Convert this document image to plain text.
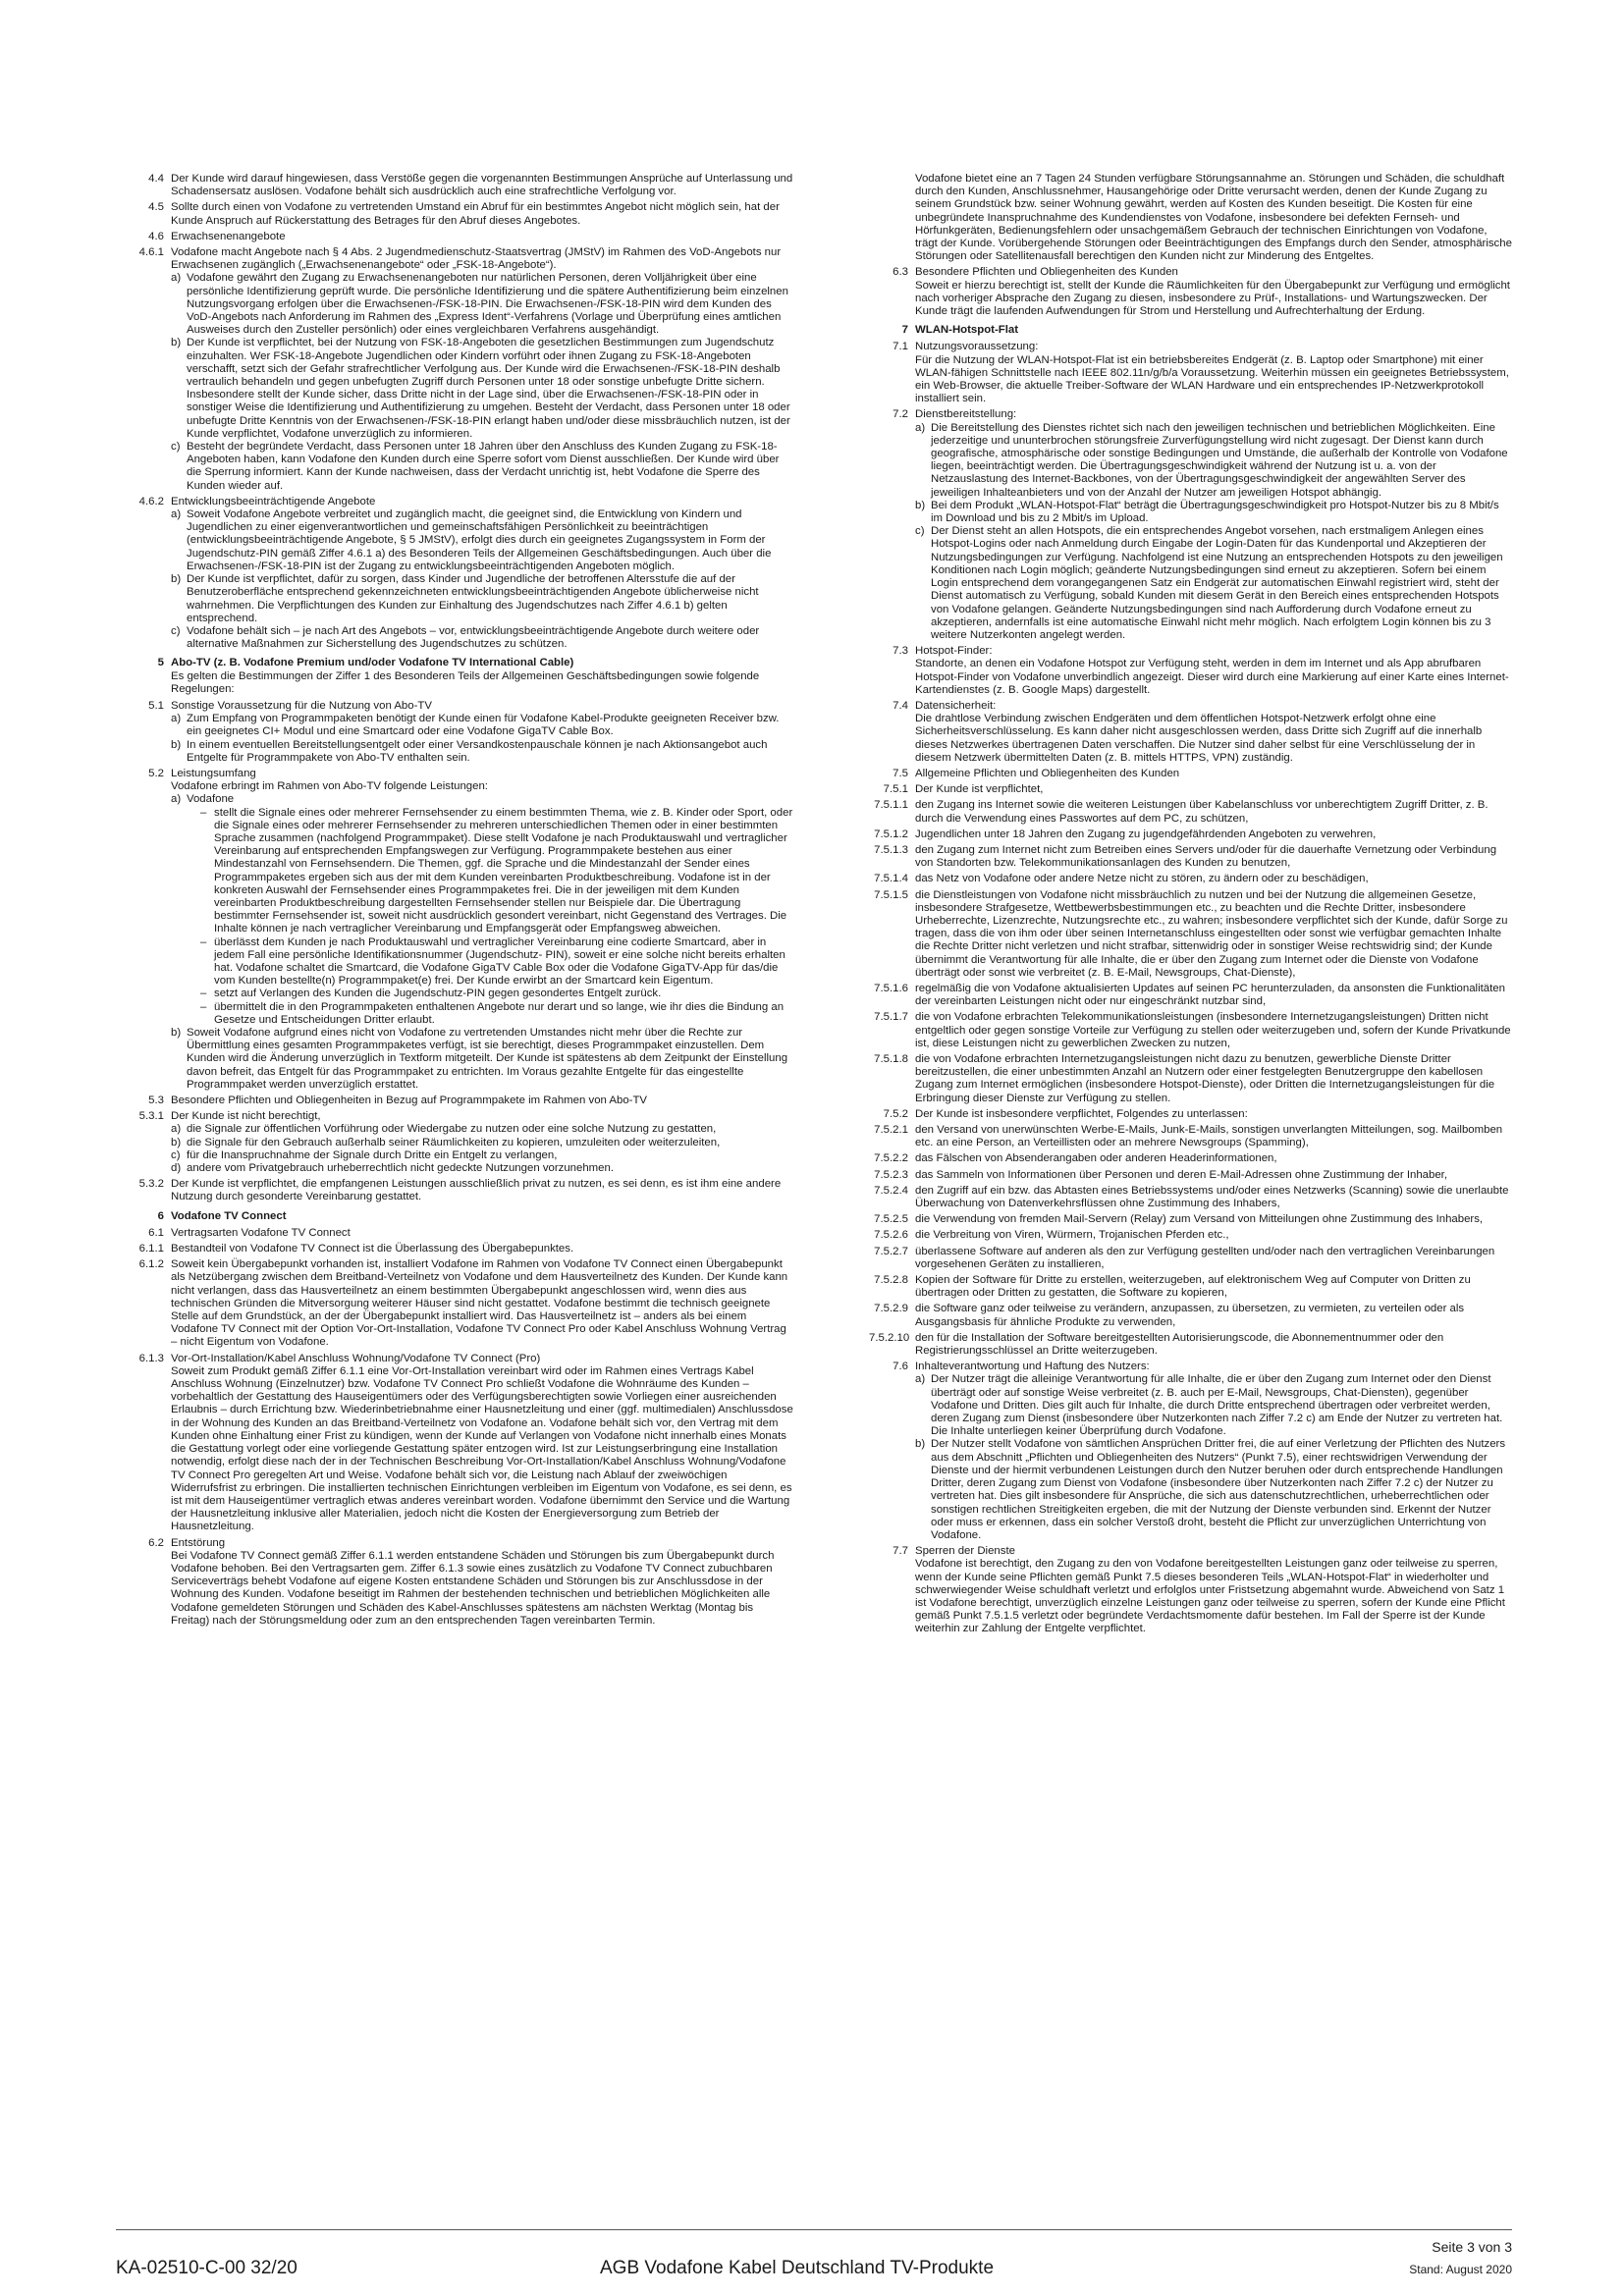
4.4 Der Kunde wird darauf hingewiesen, dass Verstöße gegen die vorgenannten Bestimmungen Ansprüche auf Unterlassung und Schadensersatz auslösen. Vodafone behält sich ausdrücklich auch eine strafrechtliche Verfolgung vor.
4.5 Sollte durch einen von Vodafone zu vertretenden Umstand ein Abruf für ein bestimmtes Angebot nicht möglich sein, hat der Kunde Anspruch auf Rückerstattung des Betrages für den Abruf dieses Angebotes.
4.6 Erwachsenenangebote
4.6.1 Vodafone macht Angebote nach § 4 Abs. 2 Jugendmedienschutz-Staatsvertrag (JMStV) im Rahmen des VoD-Angebots nur Erwachsenen zugänglich („Erwachsenenangebote“ oder „FSK-18-Angebote“).
a) Vodafone gewährt den Zugang zu Erwachsenenangeboten nur natürlichen Personen, deren Volljährigkeit über eine persönliche Identifizierung geprüft wurde. Die persönliche Identifizierung und die spätere Authentifizierung beim einzelnen Nutzungsvorgang erfolgen über die Erwachsenen-/FSK-18-PIN. Die Erwachsenen-/FSK-18-PIN wird dem Kunden des VoD-Angebots nach Anforderung im Rahmen des „Express Ident“-Verfahrens (Vorlage und Überprüfung eines amtlichen Ausweises durch den Zusteller persönlich) oder eines vergleichbaren Verfahrens ausgehändigt.
b) Der Kunde ist verpflichtet, bei der Nutzung von FSK-18-Angeboten die gesetzlichen Bestimmungen zum Jugendschutz einzuhalten. Wer FSK-18-Angebote Jugendlichen oder Kindern vorführt oder ihnen Zugang zu FSK-18-Angeboten verschafft, setzt sich der Gefahr strafrechtlicher Verfolgung aus. Der Kunde wird die Erwachsenen-/FSK-18-PIN deshalb vertraulich behandeln und gegen unbefugten Zugriff durch Personen unter 18 oder sonstige unbefugte Dritte sichern. Insbesondere stellt der Kunde sicher, dass Dritte nicht in der Lage sind, über die Erwachsenen-/FSK-18-PIN oder in sonstiger Weise die Identifizierung und Authentifizierung zu umgehen. Besteht der Verdacht, dass Personen unter 18 oder unbefugte Dritte Kenntnis von der Erwachsenen-/FSK-18-PIN erlangt haben und/oder diese missbräuchlich nutzen, ist der Kunde verpflichtet, Vodafone unverzüglich zu informieren.
c) Besteht der begründete Verdacht, dass Personen unter 18 Jahren über den Anschluss des Kunden Zugang zu FSK-18-Angeboten haben, kann Vodafone den Kunden durch eine Sperre sofort vom Dienst ausschließen. Der Kunde wird über die Sperrung informiert. Kann der Kunde nachweisen, dass der Verdacht unrichtig ist, hebt Vodafone die Sperre des Kunden wieder auf.
4.6.2 Entwicklungsbeeinträchtigende Angebote
a) Soweit Vodafone Angebote verbreitet und zugänglich macht, die geeignet sind, die Entwicklung von Kindern und Jugendlichen zu einer eigenverantwortlichen und gemeinschaftsfähigen Persönlichkeit zu beeinträchtigen (entwicklungsbeeinträchtigende Angebote, § 5 JMStV), erfolgt dies durch ein geeignetes Zugangssystem in Form der Jugendschutz-PIN gemäß Ziffer 4.6.1 a) des Besonderen Teils der Allgemeinen Geschäftsbedingungen. Auch über die Erwachsenen-/FSK-18-PIN ist der Zugang zu entwicklungsbeeinträchtigenden Angeboten möglich.
b) Der Kunde ist verpflichtet, dafür zu sorgen, dass Kinder und Jugendliche der betroffenen Altersstufe die auf der Benutzeroberfläche entsprechend gekennzeichneten entwicklungsbeeinträchtigenden Angebote üblicherweise nicht wahrnehmen. Die Verpflichtungen des Kunden zur Einhaltung des Jugendschutzes nach Ziffer 4.6.1 b) gelten entsprechend.
c) Vodafone behält sich – je nach Art des Angebots – vor, entwicklungsbeeinträchtigende Angebote durch weitere oder alternative Maßnahmen zur Sicherstellung des Jugendschutzes zu schützen.
5 Abo-TV (z. B. Vodafone Premium und/oder Vodafone TV International Cable)
Es gelten die Bestimmungen der Ziffer 1 des Besonderen Teils der Allgemeinen Geschäftsbedingungen sowie folgende Regelungen:
5.1 Sonstige Voraussetzung für die Nutzung von Abo-TV
a) Zum Empfang von Programmpaketen benötigt der Kunde einen für Vodafone Kabel-Produkte geeigneten Receiver bzw. ein geeignetes CI+ Modul und eine Smartcard oder eine Vodafone GigaTV Cable Box.
b) In einem eventuellen Bereitstellungsentgelt oder einer Versandkostenpauschale können je nach Aktionsangebot auch Entgelte für Programmpakete von Abo-TV enthalten sein.
5.2 Leistungsumfang
Vodafone erbringt im Rahmen von Abo-TV folgende Leistungen:
a) Vodafone
– stellt die Signale eines oder mehrerer Fernsehsender zu einem bestimmten Thema, wie z. B. Kinder oder Sport, oder die Signale eines oder mehrerer Fernsehsender zu mehreren unterschiedlichen Themen oder in einer bestimmten Sprache zusammen (nachfolgend Programmpaket). Diese stellt Vodafone je nach Produktauswahl und vertraglicher Vereinbarung auf entsprechenden Empfangswegen zur Verfügung. Programmpakete bestehen aus einer Mindestanzahl von Fernsehsendern. Die Themen, ggf. die Sprache und die Mindestanzahl der Sender eines Programmpaketes ergeben sich aus der mit dem Kunden vereinbarten Produktbeschreibung. Vodafone ist in der konkreten Auswahl der Fernsehsender eines Programmpaketes frei. Die in der jeweiligen mit dem Kunden vereinbarten Produktbeschreibung dargestellten Fernsehsender stellen nur Beispiele dar. Die Übertragung bestimmter Fernsehsender ist, soweit nicht ausdrücklich gesondert vereinbart, nicht Gegenstand des Vertrages. Die Inhalte können je nach vertraglicher Vereinbarung und Empfangsgerät oder Empfangsweg abweichen.
– überlässt dem Kunden je nach Produktauswahl und vertraglicher Vereinbarung eine codierte Smartcard, aber in jedem Fall eine persönliche Identifikationsnummer (Jugendschutz- PIN), soweit er eine solche nicht bereits erhalten hat. Vodafone schaltet die Smartcard, die Vodafone GigaTV Cable Box oder die Vodafone GigaTV-App für das/die vom Kunden bestellte(n) Programmpaket(e) frei. Der Kunde erwirbt an der Smartcard kein Eigentum.
– setzt auf Verlangen des Kunden die Jugendschutz-PIN gegen gesondertes Entgelt zurück.
– übermittelt die in den Programmpaketen enthaltenen Angebote nur derart und so lange, wie ihr dies die Bindung an Gesetze und Entscheidungen Dritter erlaubt.
b) Soweit Vodafone aufgrund eines nicht von Vodafone zu vertretenden Umstandes nicht mehr über die Rechte zur Übermittlung eines gesamten Programmpaketes verfügt, ist sie berechtigt, dieses Programmpaket einzustellen. Dem Kunden wird die Änderung unverzüglich in Textform mitgeteilt. Der Kunde ist spätestens ab dem Zeitpunkt der Einstellung davon befreit, das Entgelt für das Programmpaket zu entrichten. Im Voraus gezahlte Entgelte für das eingestellte Programmpaket werden unverzüglich erstattet.
5.3 Besondere Pflichten und Obliegenheiten in Bezug auf Programmpakete im Rahmen von Abo-TV
5.3.1 Der Kunde ist nicht berechtigt,
a) die Signale zur öffentlichen Vorführung oder Wiedergabe zu nutzen oder eine solche Nutzung zu gestatten,
b) die Signale für den Gebrauch außerhalb seiner Räumlichkeiten zu kopieren, umzuleiten oder weiterzuleiten,
c) für die Inanspruchnahme der Signale durch Dritte ein Entgelt zu verlangen,
d) andere vom Privatgebrauch urheberrechtlich nicht gedeckte Nutzungen vorzunehmen.
5.3.2 Der Kunde ist verpflichtet, die empfangenen Leistungen ausschließlich privat zu nutzen, es sei denn, es ist ihm eine andere Nutzung durch gesonderte Vereinbarung gestattet.
6 Vodafone TV Connect
6.1 Vertragsarten Vodafone TV Connect
6.1.1 Bestandteil von Vodafone TV Connect ist die Überlassung des Übergabepunktes.
6.1.2 Soweit kein Übergabepunkt vorhanden ist, installiert Vodafone im Rahmen von Vodafone TV Connect einen Übergabepunkt als Netzübergang zwischen dem Breitband-Verteilnetz von Vodafone und dem Hausverteilnetz des Kunden. Der Kunde kann nicht verlangen, dass das Hausverteilnetz an einem bestimmten Übergabepunkt angeschlossen wird, wenn dies aus technischen Gründen die Mitversorgung weiterer Häuser sind nicht gestattet. Vodafone bestimmt die technisch geeignete Stelle auf dem Grundstück, an der der Übergabepunkt installiert wird. Das Hausverteilnetz ist – anders als bei einem Vodafone TV Connect mit der Option Vor-Ort-Installation, Vodafone TV Connect Pro oder Kabel Anschluss Wohnung Vertrag – nicht Eigentum von Vodafone.
6.1.3 Vor-Ort-Installation/Kabel Anschluss Wohnung/Vodafone TV Connect (Pro)
Soweit zum Produkt gemäß Ziffer 6.1.1 eine Vor-Ort-Installation vereinbart wird oder im Rahmen eines Vertrags Kabel Anschluss Wohnung (Einzelnutzer) bzw. Vodafone TV Connect Pro schließt Vodafone die Wohnräume des Kunden – vorbehaltlich der Gestattung des Hauseigentümers oder des Verfügungsberechtigten sowie Vorliegen einer ausreichenden Erlaubnis – durch Errichtung bzw. Wiederinbetriebnahme einer Hausnetzleitung und einer (ggf. multimedialen) Anschlussdose in der Wohnung des Kunden an das Breitband-Verteilnetz von Vodafone an. Vodafone behält sich vor, den Vertrag mit dem Kunden ohne Einhaltung einer Frist zu kündigen, wenn der Kunde auf Verlangen von Vodafone nicht innerhalb eines Monats die Gestattung vorlegt oder eine vorliegende Gestattung später entzogen wird. Ist zur Leistungserbringung eine Installation notwendig, erfolgt diese nach der in der Technischen Beschreibung Vor-Ort-Installation/Kabel Anschluss Wohnung/Vodafone TV Connect Pro geregelten Art und Weise. Vodafone behält sich vor, die Leistung nach Ablauf der zweiwöchigen Widerrufsfrist zu erbringen. Die installierten technischen Einrichtungen verbleiben im Eigentum von Vodafone, es sei denn, es ist mit dem Hauseigentümer vertraglich etwas anderes vereinbart worden. Vodafone übernimmt den Service und die Wartung der Hausnetzleitung inklusive aller Materialien, jedoch nicht die Kosten der Energieversorgung zum Betrieb der Hausnetzleitung.
6.2 Entstörung
Bei Vodafone TV Connect gemäß Ziffer 6.1.1 werden entstandene Schäden und Störungen bis zum Übergabepunkt durch Vodafone behoben. Bei den Vertragsarten gem. Ziffer 6.1.3 sowie eines zusätzlich zu Vodafone TV Connect zubuchbaren Serviceverträgs behebt Vodafone auf eigene Kosten entstandene Schäden und Störungen bis zur Anschlussdose in der Wohnung des Kunden. Vodafone beseitigt im Rahmen der bestehenden technischen und betrieblichen Möglichkeiten alle Vodafone gemeldeten Störungen und Schäden des Kabel-Anschlusses spätestens am nächsten Werktag (Montag bis Freitag) nach der Störungsmeldung oder zum an den entsprechenden Tagen vereinbarten Termin.
Vodafone bietet eine an 7 Tagen 24 Stunden verfügbare Störungsannahme an. Störungen und Schäden, die schuldhaft durch den Kunden, Anschlussnehmer, Hausangehörige oder Dritte verursacht werden, denen der Kunde Zugang zu seinem Grundstück bzw. seiner Wohnung gewährt, werden auf Kosten des Kunden beseitigt. Die Kosten für eine unbegründete Inanspruchnahme des Kundendienstes von Vodafone, insbesondere bei defekten Fernseh- und Hörfunkgeräten, Bedienungsfehlern oder unsachgemäßem Gebrauch der technischen Einrichtungen von Vodafone, trägt der Kunde. Vorübergehende Störungen oder Beeinträchtigungen des Empfangs durch den Sender, atmosphärische Störungen oder Satellitenausfall berechtigen den Kunden nicht zur Minderung des Entgeltes.
6.3 Besondere Pflichten und Obliegenheiten des Kunden
Soweit er hierzu berechtigt ist, stellt der Kunde die Räumlichkeiten für den Übergabepunkt zur Verfügung und ermöglicht nach vorheriger Absprache den Zugang zu diesen, insbesondere zu Prüf-, Installations- und Wartungszwecken. Der Kunde trägt die laufenden Aufwendungen für Strom und Herstellung und Aufrechterhaltung der Erdung.
7 WLAN-Hotspot-Flat
7.1 Nutzungsvoraussetzung:
Für die Nutzung der WLAN-Hotspot-Flat ist ein betriebsbereites Endgerät (z. B. Laptop oder Smartphone) mit einer WLAN-fähigen Schnittstelle nach IEEE 802.11n/g/b/a Voraussetzung. Weiterhin müssen ein geeignetes Betriebssystem, ein Web-Browser, die aktuelle Treiber-Software der WLAN Hardware und ein entsprechendes IP-Netzwerkprotokoll installiert sein.
7.2 Dienstbereitstellung:
a) Die Bereitstellung des Dienstes richtet sich nach den jeweiligen technischen und betrieblichen Möglichkeiten. Eine jederzeitige und ununterbrochen störungsfreie Zurverfügungstellung wird nicht zugesagt. Der Dienst kann durch geografische, atmosphärische oder sonstige Bedingungen und Umstände, die außerhalb der Kontrolle von Vodafone liegen, beeinträchtigt werden. Die Übertragungsgeschwindigkeit während der Nutzung ist u. a. von der Netzauslastung des Internet-Backbones, von der Übertragungsgeschwindigkeit der angewählten Server des jeweiligen Inhalteanbieters und von der Anzahl der Nutzer am jeweiligen Hotspot abhängig.
b) Bei dem Produkt „WLAN-Hotspot-Flat“ beträgt die Übertragungsgeschwindigkeit pro Hotspot-Nutzer bis zu 8 Mbit/s im Download und bis zu 2 Mbit/s im Upload.
c) Der Dienst steht an allen Hotspots, die ein entsprechendes Angebot vorsehen, nach erstmaligem Anlegen eines Hotspot-Logins oder nach Anmeldung durch Eingabe der Login-Daten für das Kundenportal und Akzeptieren der Nutzungsbedingungen zur Verfügung. Nachfolgend ist eine Nutzung an entsprechenden Hotspots zu den jeweiligen Konditionen nach Login möglich; geänderte Nutzungsbedingungen sind erneut zu akzeptieren. Sofern bei einem Login entsprechend dem vorangegangenen Satz ein Endgerät zur automatischen Einwahl registriert wird, steht der Dienst automatisch zu Verfügung, sobald Kunden mit diesem Gerät in den Bereich eines entsprechenden Hotspots von Vodafone gelangen. Geänderte Nutzungsbedingungen sind nach Aufforderung durch Vodafone erneut zu akzeptieren, andernfalls ist eine automatische Einwahl nicht mehr möglich. Nach erfolgtem Login können bis zu 3 weitere Nutzerkonten angelegt werden.
7.3 Hotspot-Finder:
Standorte, an denen ein Vodafone Hotspot zur Verfügung steht, werden in dem im Internet und als App abrufbaren Hotspot-Finder von Vodafone unverbindlich angezeigt. Dieser wird durch eine Markierung auf einer Karte eines Internet-Kartendienstes (z. B. Google Maps) dargestellt.
7.4 Datensicherheit:
Die drahtlose Verbindung zwischen Endgeräten und dem öffentlichen Hotspot-Netzwerk erfolgt ohne eine Sicherheitsverschlüsselung. Es kann daher nicht ausgeschlossen werden, dass Dritte sich Zugriff auf die innerhalb dieses Netzwerkes übertragenen Daten verschaffen. Die Nutzer sind daher selbst für eine Verschlüsselung der in diesem Netzwerk übermittelten Daten (z. B. mittels HTTPS, VPN) zuständig.
7.5 Allgemeine Pflichten und Obliegenheiten des Kunden
7.5.1 Der Kunde ist verpflichtet,
7.5.1.1 den Zugang ins Internet sowie die weiteren Leistungen über Kabelanschluss vor unberechtigtem Zugriff Dritter, z. B. durch die Verwendung eines Passwortes auf dem PC, zu schützen,
7.5.1.2 Jugendlichen unter 18 Jahren den Zugang zu jugendgefährdenden Angeboten zu verwehren,
7.5.1.3 den Zugang zum Internet nicht zum Betreiben eines Servers und/oder für die dauerhafte Vernetzung oder Verbindung von Standorten bzw. Telekommunikationsanlagen des Kunden zu benutzen,
7.5.1.4 das Netz von Vodafone oder andere Netze nicht zu stören, zu ändern oder zu beschädigen,
7.5.1.5 die Dienstleistungen von Vodafone nicht missbräuchlich zu nutzen und bei der Nutzung die allgemeinen Gesetze, insbesondere Strafgesetze, Wettbewerbsbestimmungen etc., zu beachten und die Rechte Dritter, insbesondere Urheberrechte, Lizenzrechte, Nutzungsrechte etc., zu wahren; insbesondere verpflichtet sich der Kunde, dafür Sorge zu tragen, dass die von ihm oder über seinen Internetanschluss eingestellten oder sonst wie verfügbar gemachten Inhalte die Rechte Dritter nicht verletzen und nicht strafbar, sittenwidrig oder in sonstiger Weise rechtswidrig sind; der Kunde übernimmt die Verantwortung für alle Inhalte, die er über den Zugang zum Internet oder die Dienste von Vodafone überträgt oder sonst wie verbreitet (z. B. E-Mail, Newsgroups, Chat-Dienste),
7.5.1.6 regelmäßig die von Vodafone aktualisierten Updates auf seinen PC herunterzuladen, da ansonsten die Funktionalitäten der vereinbarten Leistungen nicht oder nur eingeschränkt nutzbar sind,
7.5.1.7 die von Vodafone erbrachten Telekommunikationsleistungen (insbesondere Internetzugangsleistungen) Dritten nicht entgeltlich oder gegen sonstige Vorteile zur Verfügung zu stellen oder weiterzugeben und, sofern der Kunde Privatkunde ist, diese Leistungen nicht zu gewerblichen Zwecken zu nutzen,
7.5.1.8 die von Vodafone erbrachten Internetzugangsleistungen nicht dazu zu benutzen, gewerbliche Dienste Dritter bereitzustellen, die einer unbestimmten Anzahl an Nutzern oder einer festgelegten Benutzergruppe den kabellosen Zugang zum Internet ermöglichen (insbesondere Hotspot-Dienste), oder Dritten die Internetzugangsleistungen für die Erbringung dieser Dienste zur Verfügung zu stellen.
7.5.2 Der Kunde ist insbesondere verpflichtet, Folgendes zu unterlassen:
7.5.2.1 den Versand von unerwünschten Werbe-E-Mails, Junk-E-Mails, sonstigen unverlangten Mitteilungen, sog. Mailbomben etc. an eine Person, an Verteillisten oder an mehrere Newsgroups (Spamming),
7.5.2.2 das Fälschen von Absenderangaben oder anderen Headerinformationen,
7.5.2.3 das Sammeln von Informationen über Personen und deren E-Mail-Adressen ohne Zustimmung der Inhaber,
7.5.2.4 den Zugriff auf ein bzw. das Abtasten eines Betriebssystems und/oder eines Netzwerks (Scanning) sowie die unerlaubte Überwachung von Datenverkehrsflüssen ohne Zustimmung des Inhabers,
7.5.2.5 die Verwendung von fremden Mail-Servern (Relay) zum Versand von Mitteilungen ohne Zustimmung des Inhabers,
7.5.2.6 die Verbreitung von Viren, Würmern, Trojanischen Pferden etc.,
7.5.2.7 überlassene Software auf anderen als den zur Verfügung gestellten und/oder nach den vertraglichen Vereinbarungen vorgesehenen Geräten zu installieren,
7.5.2.8 Kopien der Software für Dritte zu erstellen, weiterzugeben, auf elektronischem Weg auf Computer von Dritten zu übertragen oder Dritten zu gestatten, die Software zu kopieren,
7.5.2.9 die Software ganz oder teilweise zu verändern, anzupassen, zu übersetzen, zu vermieten, zu verteilen oder als Ausgangsbasis für ähnliche Produkte zu verwenden,
7.5.2.10 den für die Installation der Software bereitgestellten Autorisierungscode, die Abonnementnummer oder den Registrierungsschlüssel an Dritte weiterzugeben.
7.6 Inhalteverantwortung und Haftung des Nutzers:
a) Der Nutzer trägt die alleinige Verantwortung für alle Inhalte, die er über den Zugang zum Internet oder den Dienst überträgt oder auf sonstige Weise verbreitet (z. B. auch per E-Mail, Newsgroups, Chat-Diensten), gegenüber Vodafone und Dritten. Dies gilt auch für Inhalte, die durch Dritte entsprechend übertragen oder verbreitet werden, deren Zugang zum Dienst (insbesondere über Nutzerkonten nach Ziffer 7.2 c) am Ende der Nutzer zu vertreten hat. Die Inhalte unterliegen keiner Überprüfung durch Vodafone.
b) Der Nutzer stellt Vodafone von sämtlichen Ansprüchen Dritter frei, die auf einer Verletzung der Pflichten des Nutzers aus dem Abschnitt „Pflichten und Obliegenheiten des Nutzers“ (Punkt 7.5), einer rechtswidrigen Verwendung der Dienste und der hiermit verbundenen Leistungen durch den Nutzer beruhen oder durch entsprechende Handlungen Dritter, deren Zugang zum Dienst von Vodafone (insbesondere über Nutzerkonten nach Ziffer 7.2 c) der Nutzer zu vertreten hat. Dies gilt insbesondere für Ansprüche, die sich aus datenschutzrechtlichen, urheberrechtlichen oder sonstigen rechtlichen Streitigkeiten ergeben, die mit der Nutzung der Dienste verbunden sind. Erkennt der Nutzer oder muss er erkennen, dass ein solcher Verstoß droht, besteht die Pflicht zur unverzüglichen Unterrichtung von Vodafone.
7.7 Sperren der Dienste
Vodafone ist berechtigt, den Zugang zu den von Vodafone bereitgestellten Leistungen ganz oder teilweise zu sperren, wenn der Kunde seine Pflichten gemäß Punkt 7.5 dieses besonderen Teils „WLAN-Hotspot-Flat“ in wiederholter und schwerwiegender Weise schuldhaft verletzt und erfolglos unter Fristsetzung abgemahnt wurde. Abweichend von Satz 1 ist Vodafone berechtigt, unverzüglich einzelne Leistungen ganz oder teilweise zu sperren, sofern der Kunde eine Pflicht gemäß Punkt 7.5.1.5 verletzt oder begründete Verdachtsmomente dafür bestehen. Im Fall der Sperre ist der Kunde weiterhin zur Zahlung der Entgelte verpflichtet.
Seite 3 von 3
KA-02510-C-00 32/20	AGB Vodafone Kabel Deutschland TV-Produkte	Stand: August 2020
